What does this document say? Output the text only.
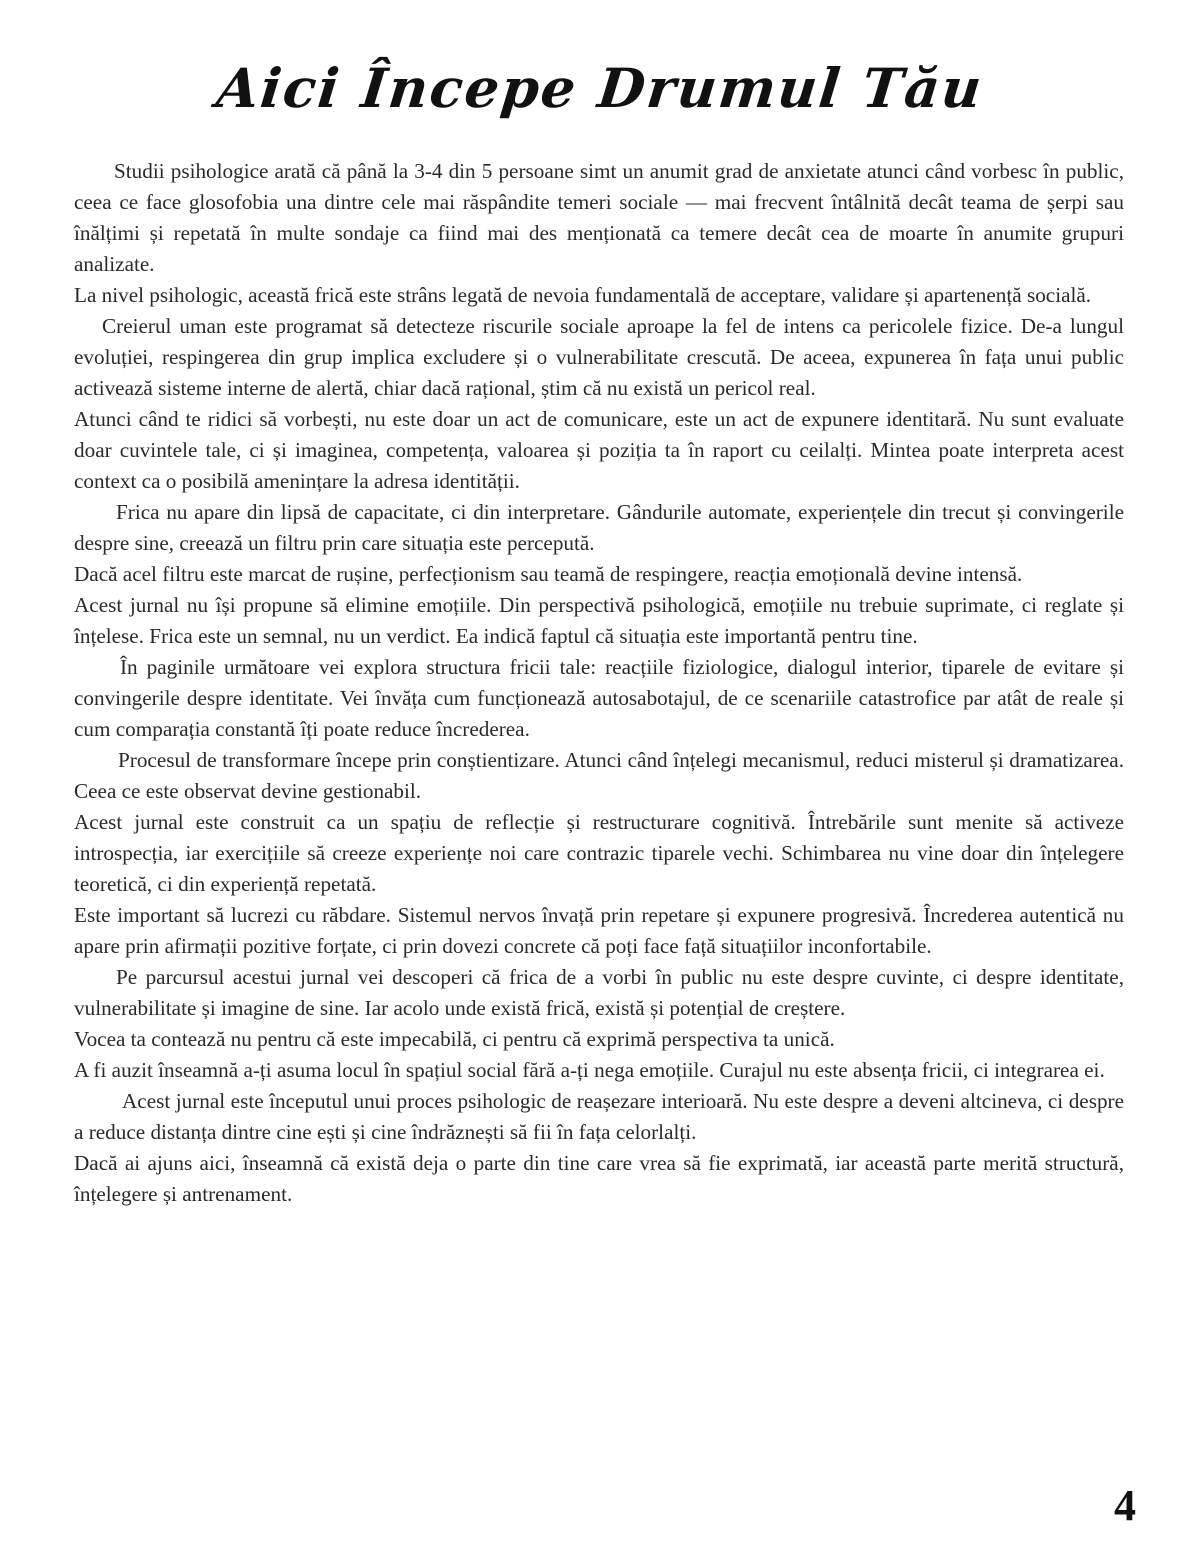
Aici Începe Drumul Tău

Studii psihologice arată că până la 3-4 din 5 persoane simt un anumit grad de anxietate atunci când vorbesc în public, ceea ce face glosofobia una dintre cele mai răspândite temeri sociale — mai frecvent întâlnită decât teama de șerpi sau înălțimi și repetată în multe sondaje ca fiind mai des menționată ca temere decât cea de moarte în anumite grupuri analizate.

La nivel psihologic, această frică este strâns legată de nevoia fundamentală de acceptare, validare și apartenență socială.

Creierul uman este programat să detecteze riscurile sociale aproape la fel de intens ca pericolele fizice. De-a lungul evoluției, respingerea din grup implica excludere și o vulnerabilitate crescută. De aceea, expunerea în fața unui public activează sisteme interne de alertă, chiar dacă rațional, știm că nu există un pericol real.

Atunci când te ridici să vorbești, nu este doar un act de comunicare, este un act de expunere identitară. Nu sunt evaluate doar cuvintele tale, ci și imaginea, competența, valoarea și poziția ta în raport cu ceilalți. Mintea poate interpreta acest context ca o posibilă amenințare la adresa identității.

Frica nu apare din lipsă de capacitate, ci din interpretare. Gândurile automate, experiențele din trecut și convingerile despre sine, creează un filtru prin care situația este percepută.

Dacă acel filtru este marcat de rușine, perfecționism sau teamă de respingere, reacția emoțională devine intensă.

Acest jurnal nu își propune să elimine emoțiile. Din perspectivă psihologică, emoțiile nu trebuie suprimate, ci reglate și înțelese. Frica este un semnal, nu un verdict. Ea indică faptul că situația este importantă pentru tine.

În paginile următoare vei explora structura fricii tale: reacțiile fiziologice, dialogul interior, tiparele de evitare și convingerile despre identitate. Vei învăța cum funcționează autosabotajul, de ce scenariile catastrofice par atât de reale și cum comparația constantă îți poate reduce încrederea.

Procesul de transformare începe prin conștientizare. Atunci când înțelegi mecanismul, reduci misterul și dramatizarea. Ceea ce este observat devine gestionabil.

Acest jurnal este construit ca un spațiu de reflecție și restructurare cognitivă. Întrebările sunt menite să activeze introspecția, iar exercițiile să creeze experiențe noi care contrazic tiparele vechi. Schimbarea nu vine doar din înțelegere teoretică, ci din experiență repetată.

Este important să lucrezi cu răbdare. Sistemul nervos învață prin repetare și expunere progresivă. Încrederea autentică nu apare prin afirmații pozitive forțate, ci prin dovezi concrete că poți face față situațiilor inconfortabile.

Pe parcursul acestui jurnal vei descoperi că frica de a vorbi în public nu este despre cuvinte, ci despre identitate, vulnerabilitate și imagine de sine. Iar acolo unde există frică, există și potențial de creștere.

Vocea ta contează nu pentru că este impecabilă, ci pentru că exprimă perspectiva ta unică.

A fi auzit înseamnă a-ți asuma locul în spațiul social fără a-ți nega emoțiile. Curajul nu este absența fricii, ci integrarea ei.

Acest jurnal este începutul unui proces psihologic de reașezare interioară. Nu este despre a deveni altcineva, ci despre a reduce distanța dintre cine ești și cine îndrăznești să fii în fața celorlalți.

Dacă ai ajuns aici, înseamnă că există deja o parte din tine care vrea să fie exprimată, iar această parte merită structură, înțelegere și antrenament.

4
